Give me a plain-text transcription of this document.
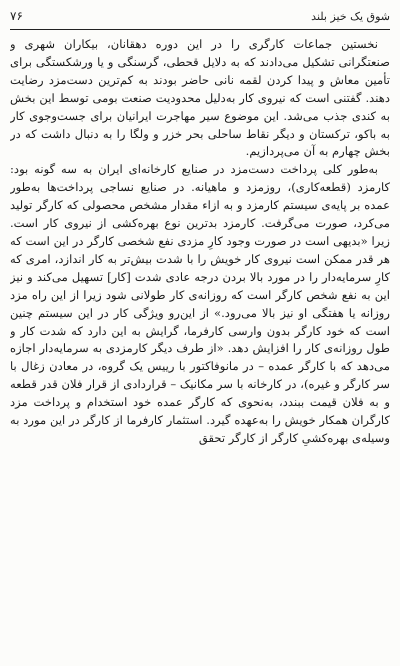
۷۶	شوق یک خیز بلند

نخستین جماعات کارگری را در این دوره دهقانان، بیکاران شهری و صنعتگرانی تشکیل می‌دادند که به دلایل قحطی، گرسنگی و یا ورشکستگی برای تأمین معاش و پیدا کردن لقمه نانی حاضر بودند به کم‌ترین دست‌مزد رضایت دهند. گفتنی است که نیروی کار به‌دلیل محدودیت صنعت بومی توسط این بخش به کندی جذب می‌شد. این موضوع سیر مهاجرت ایرانیان برای جست‌وجوی کار به باکو، ترکستان و دیگر نقاط ساحلی بحر خزر و ولگا را به دنبال داشت که در بخش چهارم به آن می‌پردازیم.

به‌طور کلی پرداخت دست‌مزد در صنایع کارخانه‌ای ایران به سه گونه بود: کارمزد (قطعه‌کاری)، روزمزد و ماهیانه. در صنایع نساجی پرداخت‌ها به‌طور عمده بر پایه‌ی سیستم کارمزد و به ازاء مقدار مشخص محصولی که کارگر تولید می‌کرد، صورت می‌گرفت. کارمزد بدترین نوع بهره‌کشی از نیروی کار است. زیرا «بدیهی است در صورت وجود کارِ مزدی نفع شخصی کارگر در این است که هر قدر ممکن است نیروی کار خویش را با شدت بیش‌تر به کار اندازد، امری که کارِ سرمایه‌دار را در مورد بالا بردن درجه عادی شدت [کار] تسهیل می‌کند و نیز این به نفع شخص کارگر است که روزانه‌ی کار طولانی شود زیرا از این راه مزد روزانه یا هفتگی او نیز بالا می‌رود.» از این‌رو ویژگی کار در این سیستم چنین است که خود کارگر بدون وارسی کارفرما، گرایش به این دارد که شدت کار و طول روزانه‌ی کار را افزایش دهد. «از طرف دیگر کارمزدی به سرمایه‌دار اجازه می‌دهد که با کارگر عمده – در مانوفاکتور با رییس یک گروه، در معادن زغال با سر کارگر و غیره)، در کارخانه با سر مکانیک – قراردادی از قرار فلان قدر قطعه و به فلان قیمت ببندد، به‌نحوی که کارگر عمده خود استخدام و پرداخت مزد کارگران همکار خویش را به‌عهده گیرد. استثمار کارفرما از کارگر در این مورد به وسیله‌ی بهره‌کشیِ کارگر از کارگر تحقق
